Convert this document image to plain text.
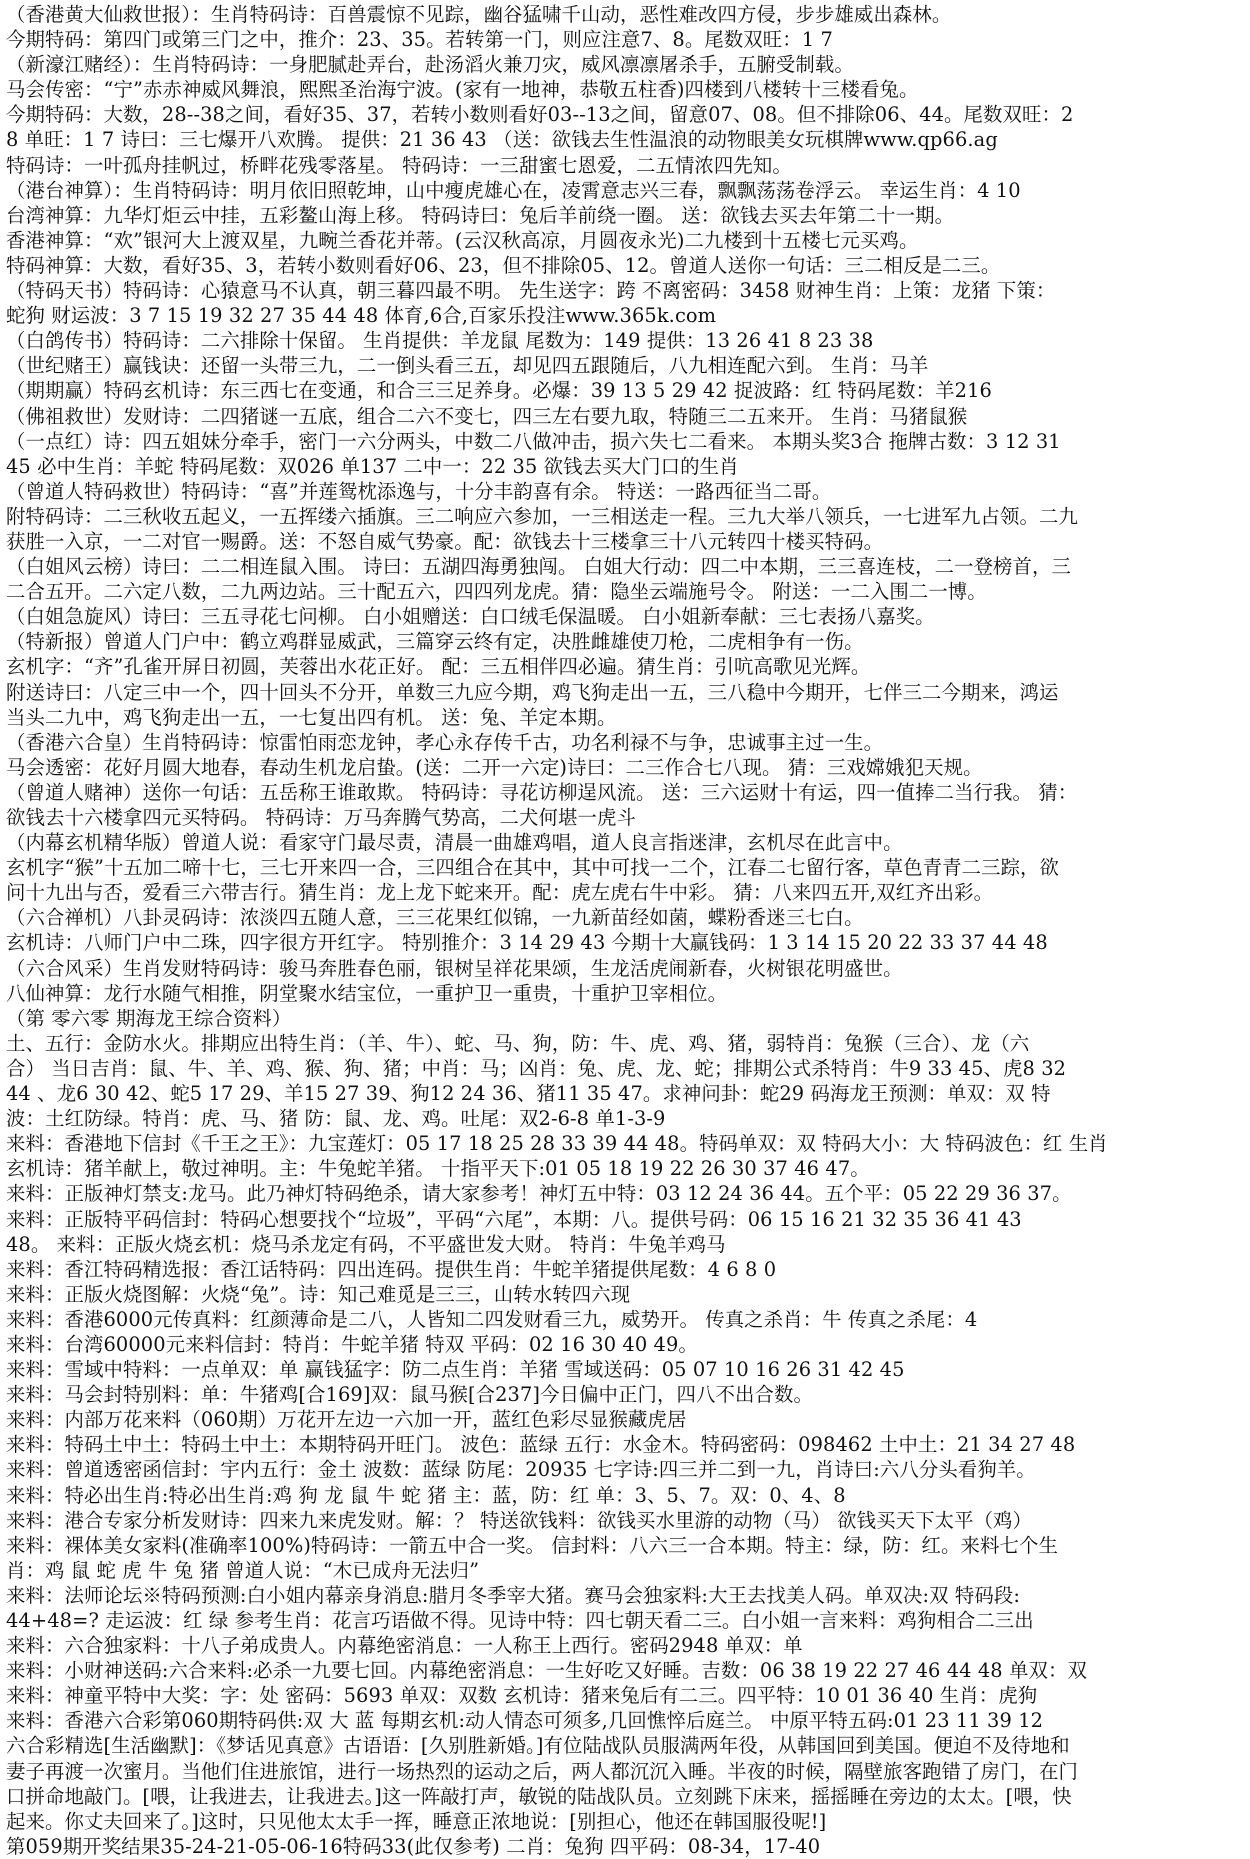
（香港黄大仙救世报）：生肖特码诗：百兽震惊不见踪，幽谷猛啸千山动，恶性难改四方侵，步步雄威出森林。
今期特码：第四门或第三门之中，推介：23、35。若转第一门，则应注意7、8。尾数双旺：1 7
（新濠江赌经）：生肖特码诗：一身肥腻赴弄台，赴汤滔火兼刀灾，威风凛凛屠杀手，五腑受制载。
马会传密：“宁”赤赤神威风舞浪，熙熙圣治海宁波。(家有一地神，恭敬五柱香)四楼到八楼转十三楼看兔。
今期特码：大数，28--38之间，看好35、37，若转小数则看好03--13之间，留意07、08。但不排除06、44。尾数双旺：2
8 单旺：1 7 诗曰：三七爆开八欢腾。 提供：21 36 43 （送：欲钱去生性温浪的动物眼美女玩棋牌www.qp66.ag
特码诗：一叶孤舟挂帆过，桥畔花残零落星。 特码诗：一三甜蜜七恩爱，二五情浓四先知。
（港台神算）：生肖特码诗：明月依旧照乾坤，山中瘦虎雄心在，凌霄意志兴三春，飘飘荡荡卷浮云。 幸运生肖：4 10
台湾神算：九华灯炬云中挂，五彩鳌山海上移。 特码诗曰：兔后羊前绕一圈。 送：欲钱去买去年第二十一期。
香港神算：“欢”银河大上渡双星，九畹兰香花并蒂。(云汉秋高凉，月圆夜永光)二九楼到十五楼七元买鸡。
特码神算：大数，看好35、3，若转小数则看好06、23，但不排除05、12。曾道人送你一句话：三二相反是二三。
（特码天书）特码诗：心猿意马不认真，朝三暮四最不明。 先生送字：跨 不离密码：3458 财神生肖：上策：龙猪 下策：
蛇狗 财运波：3 7 15 19 32 27 35 44 48 体育,6合,百家乐投注www.365k.com
（白鸽传书）特码诗：二六排除十保留。 生肖提供：羊龙鼠 尾数为：149 提供：13 26 41 8 23 38
（世纪赌王）赢钱诀：还留一头带三九，二一倒头看三五，却见四五跟随后，八九相连配六到。 生肖：马羊
（期期赢）特码玄机诗：东三西七在变通，和合三三足养身。必爆：39 13 5 29 42 捉波路：红 特码尾数：羊216
（佛祖救世）发财诗：二四猪谜一五底，组合二六不变七，四三左右要九取，特随三二五来开。 生肖：马猪鼠猴
（一点红）诗：四五姐妹分牵手，密门一六分两头，中数二八做冲击，损六失七二看来。 本期头奖3合 拖牌古数：3 12 31
45 必中生肖：羊蛇 特码尾数：双026 单137 二中一：22 35 欲钱去买大门口的生肖
（曾道人特码救世）特码诗：“喜”并莲鸳枕添逸与，十分丰韵喜有余。 特送：一路西征当二哥。
附特码诗：二三秋收五起义，一五挥缕六插旗。三二响应六参加，一三相送走一程。三九大举八领兵，一七进军九占领。二九
获胜一入京，一二对官一赐爵。送：不怒自威气势豪。配：欲钱去十三楼拿三十八元转四十楼买特码。
（白姐风云榜）诗曰：二二相连鼠入围。 诗曰：五湖四海勇独闯。 白姐大行动：四二中本期，三三喜连枝，二一登榜首，三
二合五开。二六定八数，二九两边站。三十配五六，四四列龙虎。猜：隐坐云端施号令。 附送：一二入围二一博。
（白姐急旋风）诗曰：三五寻花七问柳。 白小姐赠送：白口绒毛保温暖。 白小姐新奉献：三七表扬八嘉奖。
（特新报）曾道人门户中：鹤立鸡群显威武，三篇穿云终有定，决胜雌雄使刀枪，二虎相争有一伤。
玄机字：“齐”孔雀开屏日初圆，芙蓉出水花正好。 配：三五相伴四必遍。猜生肖：引吭高歌见光辉。
附送诗曰：八定三中一个，四十回头不分开，单数三九应今期，鸡飞狗走出一五，三八稳中今期开，七伴三二今期来，鸿运
当头二九中，鸡飞狗走出一五，一七复出四有机。 送：兔、羊定本期。
（香港六合皇）生肖特码诗：惊雷怕雨恋龙钟，孝心永存传千古，功名利禄不与争，忠诚事主过一生。
马会透密：花好月圆大地春，春动生机龙启蛰。(送：二开一六定)诗曰：二三作合七八现。 猜：三戏嫦娥犯天规。
（曾道人赌神）送你一句话：五岳称王谁敢欺。 特码诗：寻花访柳逞风流。 送：三六运财十有运，四一值捧二当行我。 猜：
欲钱去十六楼拿四元买特码。 特码诗：万马奔腾气势高，二犬何堪一虎斗
（内幕玄机精华版）曾道人说：看家守门最尽责，清晨一曲雄鸡唱，道人良言指迷津，玄机尽在此言中。
玄机字“猴”十五加二啼十七，三七开来四一合，三四组合在其中，其中可找一二个，江春二七留行客，草色青青二三踪，欲
问十九出与否，爱看三六带吉行。猜生肖：龙上龙下蛇来开。配：虎左虎右牛中彩。 猜：八来四五开,双红齐出彩。
（六合禅机）八卦灵码诗：浓淡四五随人意，三三花果红似锦，一九新苗经如菌，蝶粉香迷三七白。
玄机诗：八师门户中二珠，四字很方开红字。 特别推介：3 14 29 43 今期十大赢钱码：1 3 14 15 20 22 33 37 44 48
（六合风采）生肖发财特码诗：骏马奔胜春色丽，银树呈祥花果颂，生龙活虎闹新春，火树银花明盛世。
八仙神算：龙行水随气相推，阴堂聚水结宝位，一重护卫一重贵，十重护卫宰相位。
（第 零六零 期海龙王综合资料）
土、五行：金防水火。排期应出特生肖：（羊、牛）、蛇、马、狗，防：牛、虎、鸡、猪，弱特肖：兔猴（三合）、龙（六
合） 当日吉肖：鼠、牛、羊、鸡、猴、狗、猪；中肖：马；凶肖：兔、虎、龙、蛇；排期公式杀特肖：牛9 33 45、虎8 32
44 、龙6 30 42、蛇5 17 29、羊15 27 39、狗12 24 36、猪11 35 47。求神问卦：蛇29 码海龙王预测：单双：双 特
波：土红防绿。特肖：虎、马、猪 防：鼠、龙、鸡。吐尾：双2-6-8 单1-3-9
来料：香港地下信封《千王之王》：九宝莲灯：05 17 18 25 28 33 39 44 48。特码单双：双 特码大小：大 特码波色：红 生肖
玄机诗：猪羊献上，敬过神明。主：牛兔蛇羊猪。 十指平天下:01 05 18 19 22 26 30 37 46 47。
来料：正版神灯禁支:龙马。此乃神灯特码绝杀，请大家参考！神灯五中特：03 12 24 36 44。五个平：05 22 29 36 37。
来料：正版特平码信封：特码心想要找个“垃圾”，平码“六尾”，本期：八。提供号码：06 15 16 21 32 35 36 41 43
48。 来料：正版火烧玄机：烧马杀龙定有码，不平盛世发大财。 特肖：牛兔羊鸡马
来料：香江特码精选报：香江话特码：四出连码。提供生肖：牛蛇羊猪提供尾数：4 6 8 0
来料：正版火烧图解：火烧“兔”。诗：知己难觅是三三，山转水转四六现
来料：香港6000元传真料：红颜薄命是二八，人皆知二四发财看三九，威势开。 传真之杀肖：牛 传真之杀尾：4
来料：台湾60000元来料信封：特肖：牛蛇羊猪 特双 平码：02 16 30 40 49。
来料：雪域中特料：一点单双：单 赢钱猛字：防二点生肖：羊猪 雪域送码：05 07 10 16 26 31 42 45
来料：马会封特别料：单：牛猪鸡[合169]双：鼠马猴[合237]今日偏中正门，四八不出合数。
来料：内部万花来料（060期）万花开左边一六加一开，蓝红色彩尽显猴藏虎居
来料：特码土中土：特码土中土：本期特码开旺门。 波色：蓝绿 五行：水金木。特码密码：098462 土中土：21 34 27 48
来料：曾道透密函信封：宇内五行：金土 波数：蓝绿 防尾：20935 七字诗:四三并二到一九，肖诗曰:六八分头看狗羊。
来料：特必出生肖:特必出生肖:鸡 狗 龙 鼠 牛 蛇 猪 主：蓝，防：红 单：3、5、7。双：0、4、8
来料：港合专家分析发财诗：四来九来虎发财。解：？ 特送欲钱料：欲钱买水里游的动物（马） 欲钱买天下太平（鸡）
来料：裸体美女家料(准确率100%)特码诗：一箭五中合一奖。 信封料：八六三一合本期。特主：绿，防：红。来料七个生
肖：鸡 鼠 蛇 虎 牛 兔 猪 曾道人说：“木已成舟无法归”
来料：法师论坛※特码预测:白小姐内幕亲身消息:腊月冬季宰大猪。赛马会独家料:大王去找美人码。单双决:双 特码段:
44+48=? 走运波：红 绿 参考生肖：花言巧语做不得。见诗中特：四七朝天看二三。白小姐一言来料：鸡狗相合二三出
来料：六合独家料：十八子弟成贵人。内幕绝密消息：一人称王上西行。密码2948 单双：单
来料：小财神送码:六合来料:必杀一九要七回。内幕绝密消息：一生好吃又好睡。吉数：06 38 19 22 27 46 44 48 单双：双
来料：神童平特中大奖：字：处 密码：5693 单双：双数 玄机诗：猪来兔后有二三。四平特：10 01 36 40 生肖：虎狗
来料：香港六合彩第060期特码供:双 大 蓝 每期玄机:动人情态可须多,几回憔悴后庭兰。 中原平特五码:01 23 11 39 12
六合彩精选[生活幽默]：《梦话见真意》古语语：[久别胜新婚。]有位陆战队员服满两年役，从韩国回到美国。便迫不及待地和
妻子再渡一次蜜月。当他们住进旅馆，进行一场热烈的运动之后，两人都沉沉入睡。半夜的时候，隔壁旅客跑错了房门，在门
口拼命地敲门。[喂，让我进去，让我进去。]这一阵敲打声，敏锐的陆战队员。立刻跳下床来，摇摇睡在旁边的太太。[喂，快
起来。你丈夫回来了。]这时，只见他太太手一挥，睡意正浓地说：[别担心，他还在韩国服役呢!]
第059期开奖结果35-24-21-05-06-16特码33(此仅参考) 二肖：兔狗 四平码：08-34，17-40
